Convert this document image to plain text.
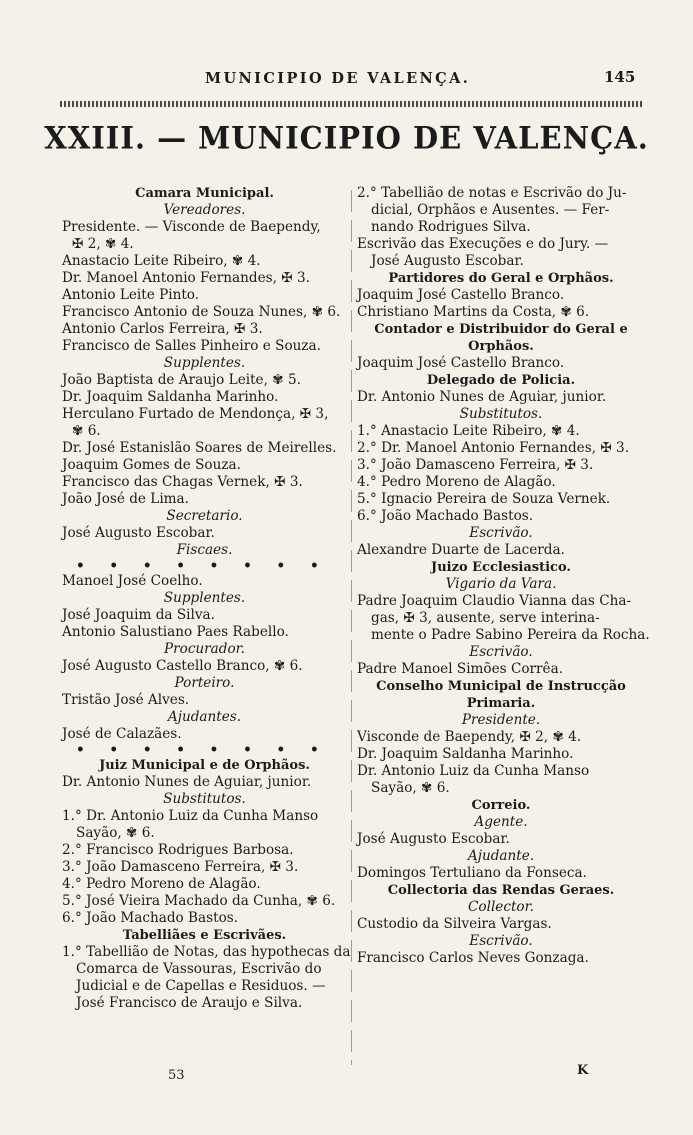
MUNICIPIO DE VALENÇA.	145
XXIII. — MUNICIPIO DE VALENÇA.
Camara Municipal.
Vereadores.
Presidente. — Visconde de Baependy,
✠ 2, ✾ 4.
Anastacio Leite Ribeiro, ✾ 4.
Dr. Manoel Antonio Fernandes, ✠ 3.
Antonio Leite Pinto.
Francisco Antonio de Souza Nunes, ✾ 6.
Antonio Carlos Ferreira, ✠ 3.
Francisco de Salles Pinheiro e Souza.
Supplentes.
João Baptista de Araujo Leite, ✾ 5.
Dr. Joaquim Saldanha Marinho.
Herculano Furtado de Mendonça, ✠ 3,
✾ 6.
Dr. José Estanislão Soares de Meirelles.
Joaquim Gomes de Souza.
Francisco das Chagas Vernek, ✠ 3.
João José de Lima.
Secretario.
José Augusto Escobar.
Fiscaes.
• • • • • • • •
Manoel José Coelho.
Supplentes.
José Joaquim da Silva.
Antonio Salustiano Paes Rabello.
Procurador.
José Augusto Castello Branco, ✾ 6.
Porteiro.
Tristão José Alves.
Ajudantes.
José de Calazães.
• • • • • • • •
Juiz Municipal e de Orphãos.
Dr. Antonio Nunes de Aguiar, junior.
Substitutos.
1.° Dr. Antonio Luiz da Cunha Manso
Sayão, ✾ 6.
2.° Francisco Rodrigues Barbosa.
3.° João Damasceno Ferreira, ✠ 3.
4.° Pedro Moreno de Alagão.
5.° José Vieira Machado da Cunha, ✾ 6.
6.° João Machado Bastos.
Tabelliães e Escrivães.
1.° Tabellião de Notas, das hypothecas da
Comarca de Vassouras, Escrivão do
Judicial e de Capellas e Residuos. —
José Francisco de Araujo e Silva.
2.° Tabellião de notas e Escrivão do Ju-
dicial, Orphãos e Ausentes. — Fer-
nando Rodrigues Silva.
Escrivão das Execuções e do Jury. —
José Augusto Escobar.
Partidores do Geral e Orphãos.
Joaquim José Castello Branco.
Christiano Martins da Costa, ✾ 6.
Contador e Distribuidor do Geral e
Orphãos.
Joaquim José Castello Branco.
Delegado de Policia.
Dr. Antonio Nunes de Aguiar, junior.
Substitutos.
1.° Anastacio Leite Ribeiro, ✾ 4.
2.° Dr. Manoel Antonio Fernandes, ✠ 3.
3.° João Damasceno Ferreira, ✠ 3.
4.° Pedro Moreno de Alagão.
5.° Ignacio Pereira de Souza Vernek.
6.° João Machado Bastos.
Escrivão.
Alexandre Duarte de Lacerda.
Juizo Ecclesiastico.
Vigario da Vara.
Padre Joaquim Claudio Vianna das Cha-
gas, ✠ 3, ausente, serve interina-
mente o Padre Sabino Pereira da Rocha.
Escrivão.
Padre Manoel Simões Corrêa.
Conselho Municipal de Instrucção
Primaria.
Presidente.
Visconde de Baependy, ✠ 2, ✾ 4.
Dr. Joaquim Saldanha Marinho.
Dr. Antonio Luiz da Cunha Manso
Sayão, ✾ 6.
Correio.
Agente.
José Augusto Escobar.
Ajudante.
Domingos Tertuliano da Fonseca.
Collectoria das Rendas Geraes.
Collector.
Custodio da Silveira Vargas.
Escrivão.
Francisco Carlos Neves Gonzaga.
53	K
